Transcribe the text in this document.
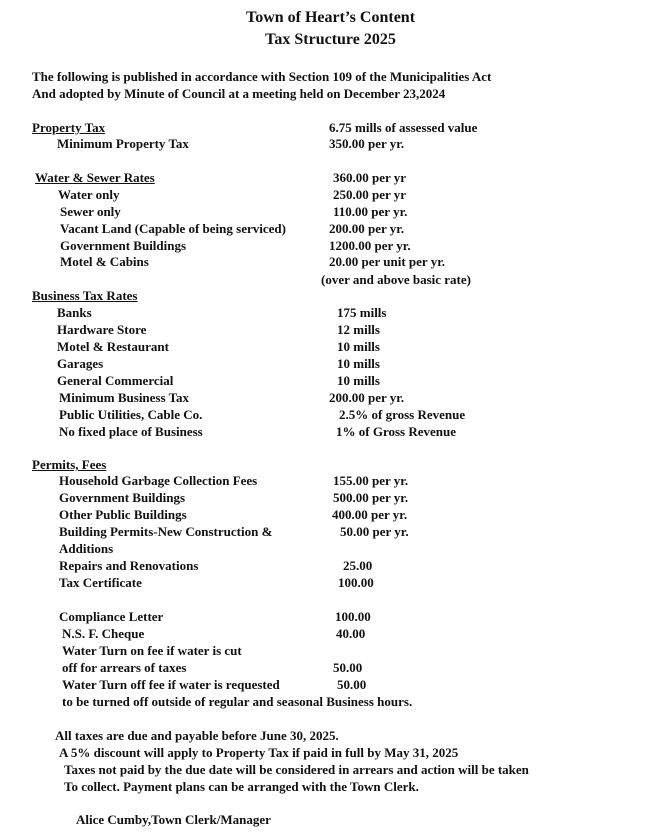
Town of Heart’s Content
Tax Structure 2025
The following is published in accordance with Section 109 of the Municipalities Act
And adopted by Minute of Council at a meeting held on December 23,2024
Property Tax	6.75 mills of assessed value
Minimum Property Tax	350.00 per yr.
Water & Sewer Rates	360.00 per yr
Water only	250.00 per yr
Sewer only	110.00 per yr.
Vacant Land (Capable of being serviced)	200.00 per yr.
Government Buildings	1200.00 per yr.
Motel & Cabins	20.00 per unit per yr.
(over and above basic rate)
Business Tax Rates
Banks	175 mills
Hardware Store	12 mills
Motel & Restaurant	10 mills
Garages	10 mills
General Commercial	10 mills
Minimum Business Tax	200.00 per yr.
Public Utilities, Cable Co.	2.5% of gross Revenue
No fixed place of Business	1% of Gross Revenue
Permits, Fees
Household Garbage Collection Fees	155.00 per yr.
Government Buildings	500.00 per yr.
Other Public Buildings	400.00 per yr.
Building Permits-New Construction &	50.00 per yr.
Additions
Repairs and Renovations	25.00
Tax Certificate	100.00
Compliance Letter	100.00
N.S. F. Cheque	40.00
Water Turn on fee if water is cut
off for arrears of taxes	50.00
Water Turn off fee if water is requested	50.00
to be turned off outside of regular and seasonal Business hours.
All taxes are due and payable before June 30, 2025.
A 5% discount will apply to Property Tax if paid in full by May 31, 2025
Taxes not paid by the due date will be considered in arrears and action will be taken
To collect. Payment plans can be arranged with the Town Clerk.
Alice Cumby,Town Clerk/Manager
